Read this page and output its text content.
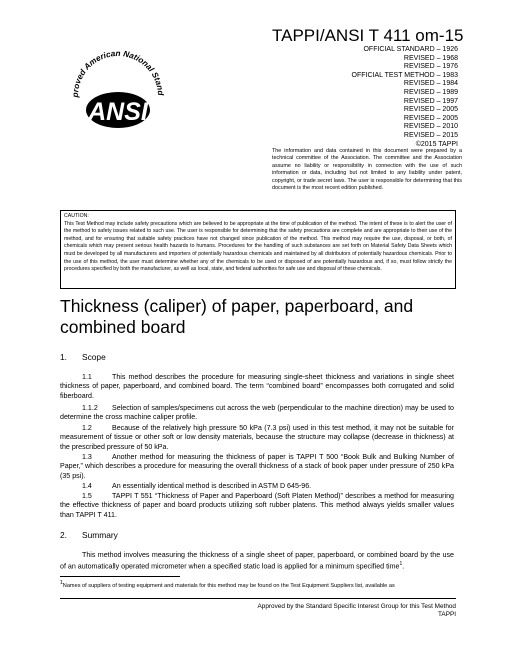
proved American National Stand
ANSI
TAPPI/ANSI T 411 om-15
OFFICIAL STANDARD – 1926
REVISED – 1968
REVISED – 1976
OFFICIAL TEST METHOD – 1983
REVISED – 1984
REVISED – 1989
REVISED – 1997
REVISED – 2005
REVISED – 2005
REVISED – 2010
REVISED – 2015
©2015 TAPPI
The information and data contained in this document were prepared by a technical committee of the Association. The committee and the Association assume no liability or responsibility in connection with the use of such information or data, including but not limited to any liability under patent, copyright, or trade secret laws. The user is responsible for determining that this document is the most recent edition published.
CAUTION:
This Test Method may include safety precautions which are believed to be appropriate at the time of publication of the method. The intent of these is to alert the user of the method to safety issues related to such use. The user is responsible for determining that the safety precautions are complete and are appropriate to their use of the method, and for ensuring that suitable safety practices have not changed since publication of the method. This method may require the use, disposal, or both, of chemicals which may present serious health hazards to humans. Procedures for the handling of such substances are set forth on Material Safety Data Sheets which must be developed by all manufacturers and importers of potentially hazardous chemicals and maintained by all distributors of potentially hazardous chemicals. Prior to the use of this method, the user must determine whether any of the chemicals to be used or disposed of are potentially hazardous and, if so, must follow strictly the procedures specified by both the manufacturer, as well as local, state, and federal authorities for safe use and disposal of these chemicals.
Thickness (caliper) of paper, paperboard, and combined board
1. Scope
1.1	This method describes the procedure for measuring single-sheet thickness and variations in single sheet thickness of paper, paperboard, and combined board. The term “combined board” encompasses both corrugated and solid fiberboard.
1.1.2 Selection of samples/specimens cut across the web (perpendicular to the machine direction) may be used to determine the cross machine caliper profile.
1.2	Because of the relatively high pressure 50 kPa (7.3 psi) used in this test method, it may not be suitable for measurement of tissue or other soft or low density materials, because the structure may collapse (decrease in thickness) at the prescribed pressure of 50 kPa.
1.3	Another method for measuring the thickness of paper is TAPPI T 500 “Book Bulk and Bulking Number of Paper,” which describes a procedure for measuring the overall thickness of a stack of book paper under pressure of 250 kPa (35 psi).
1.4	An essentially identical method is described in ASTM D 645-96.
1.5	TAPPI T 551 “Thickness of Paper and Paperboard (Soft Platen Method)” describes a method for measuring the effective thickness of paper and board products utilizing soft rubber platens. This method always yields smaller values than TAPPI T 411.
2. Summary
This method involves measuring the thickness of a single sheet of paper, paperboard, or combined board by the use of an automatically operated micrometer when a specified static load is applied for a minimum specified time$^1$.
$^1$Names of suppliers of testing equipment and materials for this method may be found on the Test Equipment Suppliers list, available as
Approved by the Standard Specific Interest Group for this Test Method
TAPPI
